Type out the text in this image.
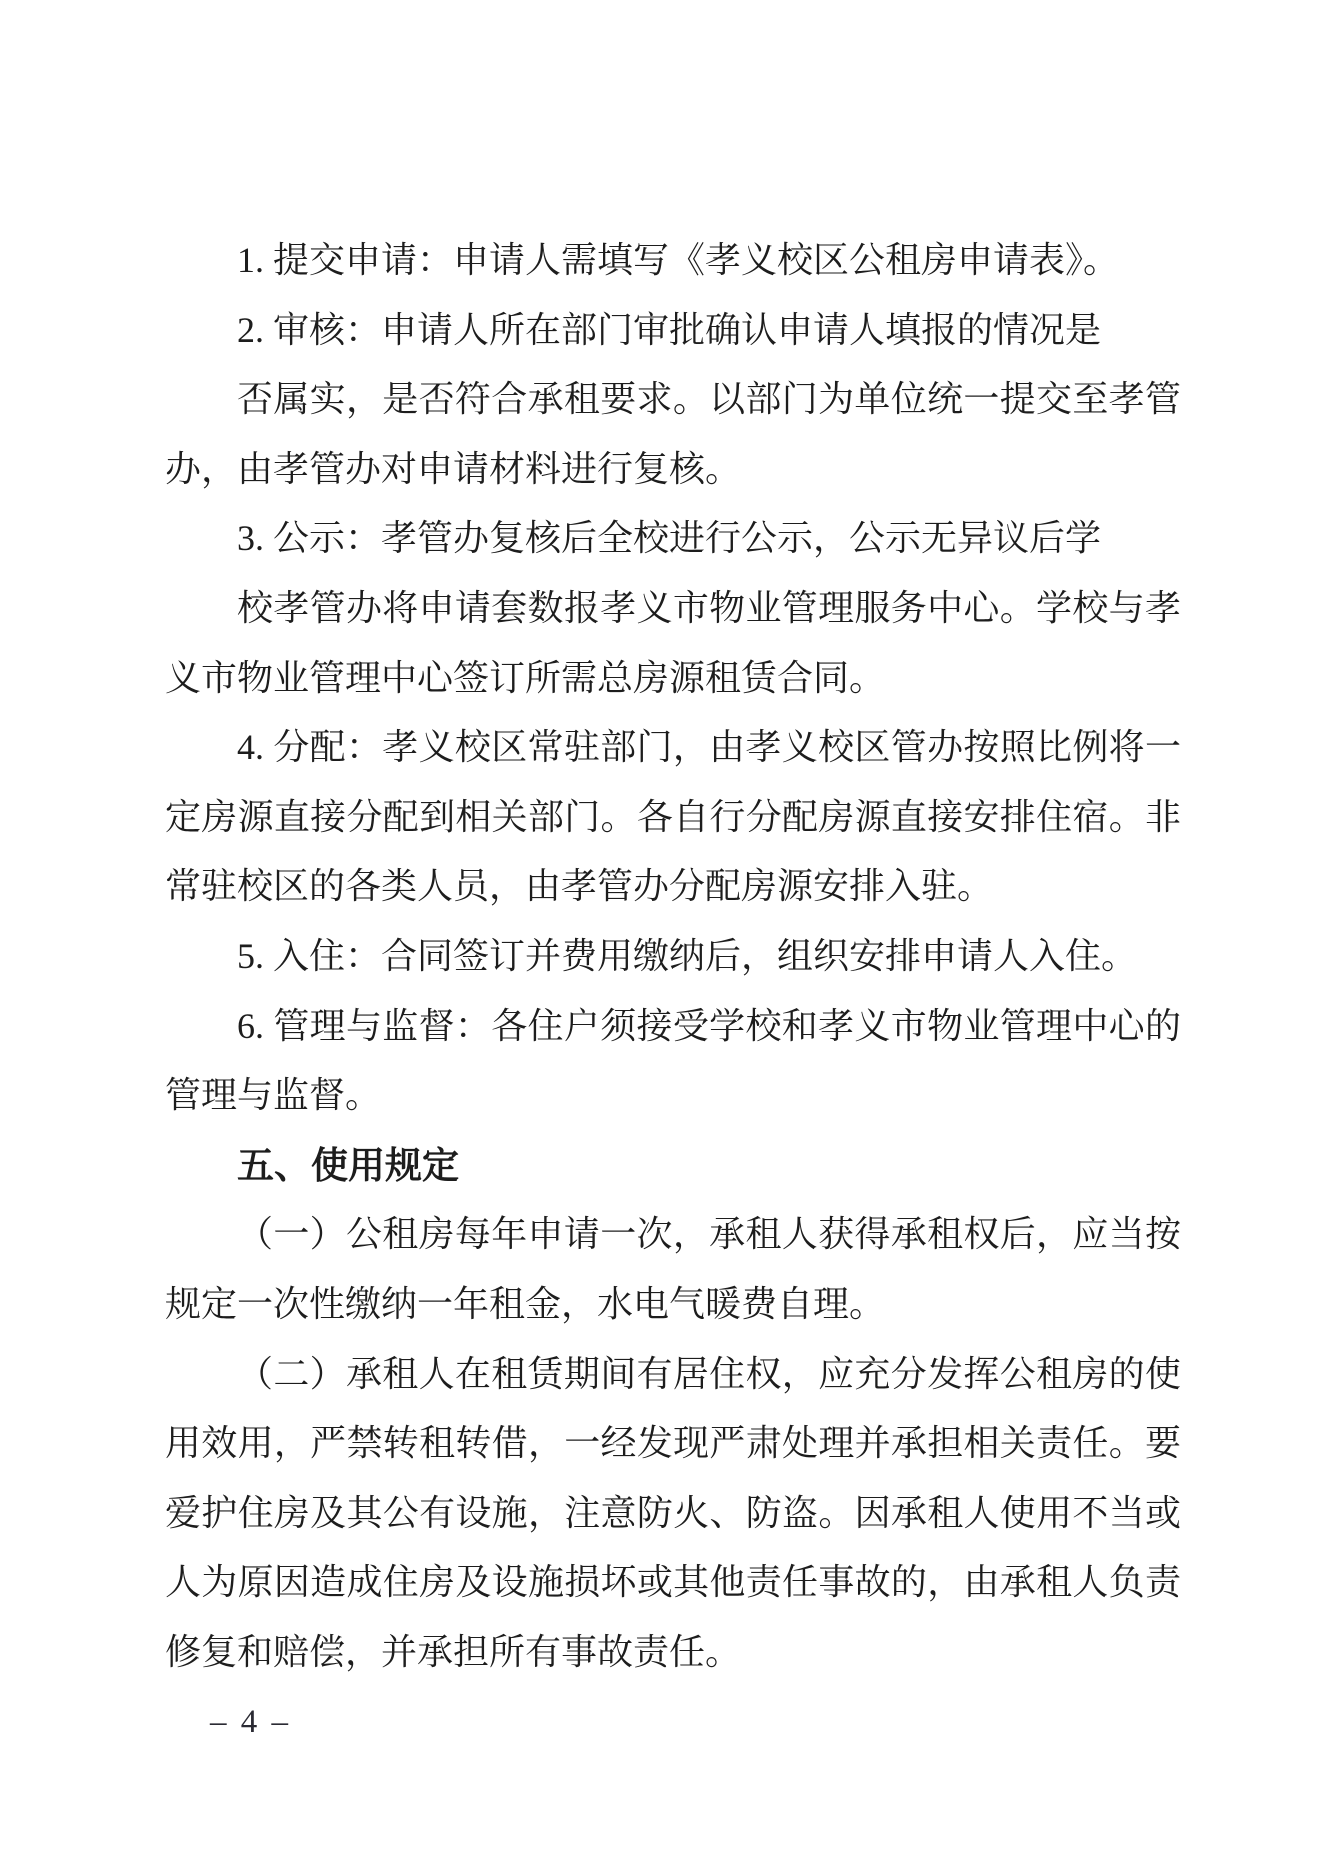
1. 提交申请：申请人需填写《孝义校区公租房申请表》。
2. 审核：申请人所在部门审批确认申请人填报的情况是
否属实，是否符合承租要求。以部门为单位统一提交至孝管
办，由孝管办对申请材料进行复核。
3. 公示：孝管办复核后全校进行公示，公示无异议后学
校孝管办将申请套数报孝义市物业管理服务中心。学校与孝
义市物业管理中心签订所需总房源租赁合同。
4. 分配：孝义校区常驻部门，由孝义校区管办按照比例将一
定房源直接分配到相关部门。各自行分配房源直接安排住宿。非
常驻校区的各类人员，由孝管办分配房源安排入驻。
5. 入住：合同签订并费用缴纳后，组织安排申请人入住。
6. 管理与监督：各住户须接受学校和孝义市物业管理中心的
管理与监督。
五、使用规定
（一）公租房每年申请一次，承租人获得承租权后，应当按
规定一次性缴纳一年租金，水电气暖费自理。
（二）承租人在租赁期间有居住权，应充分发挥公租房的使
用效用，严禁转租转借，一经发现严肃处理并承担相关责任。要
爱护住房及其公有设施，注意防火、防盗。因承租人使用不当或
人为原因造成住房及设施损坏或其他责任事故的，由承租人负责
修复和赔偿，并承担所有事故责任。
– 4 –
